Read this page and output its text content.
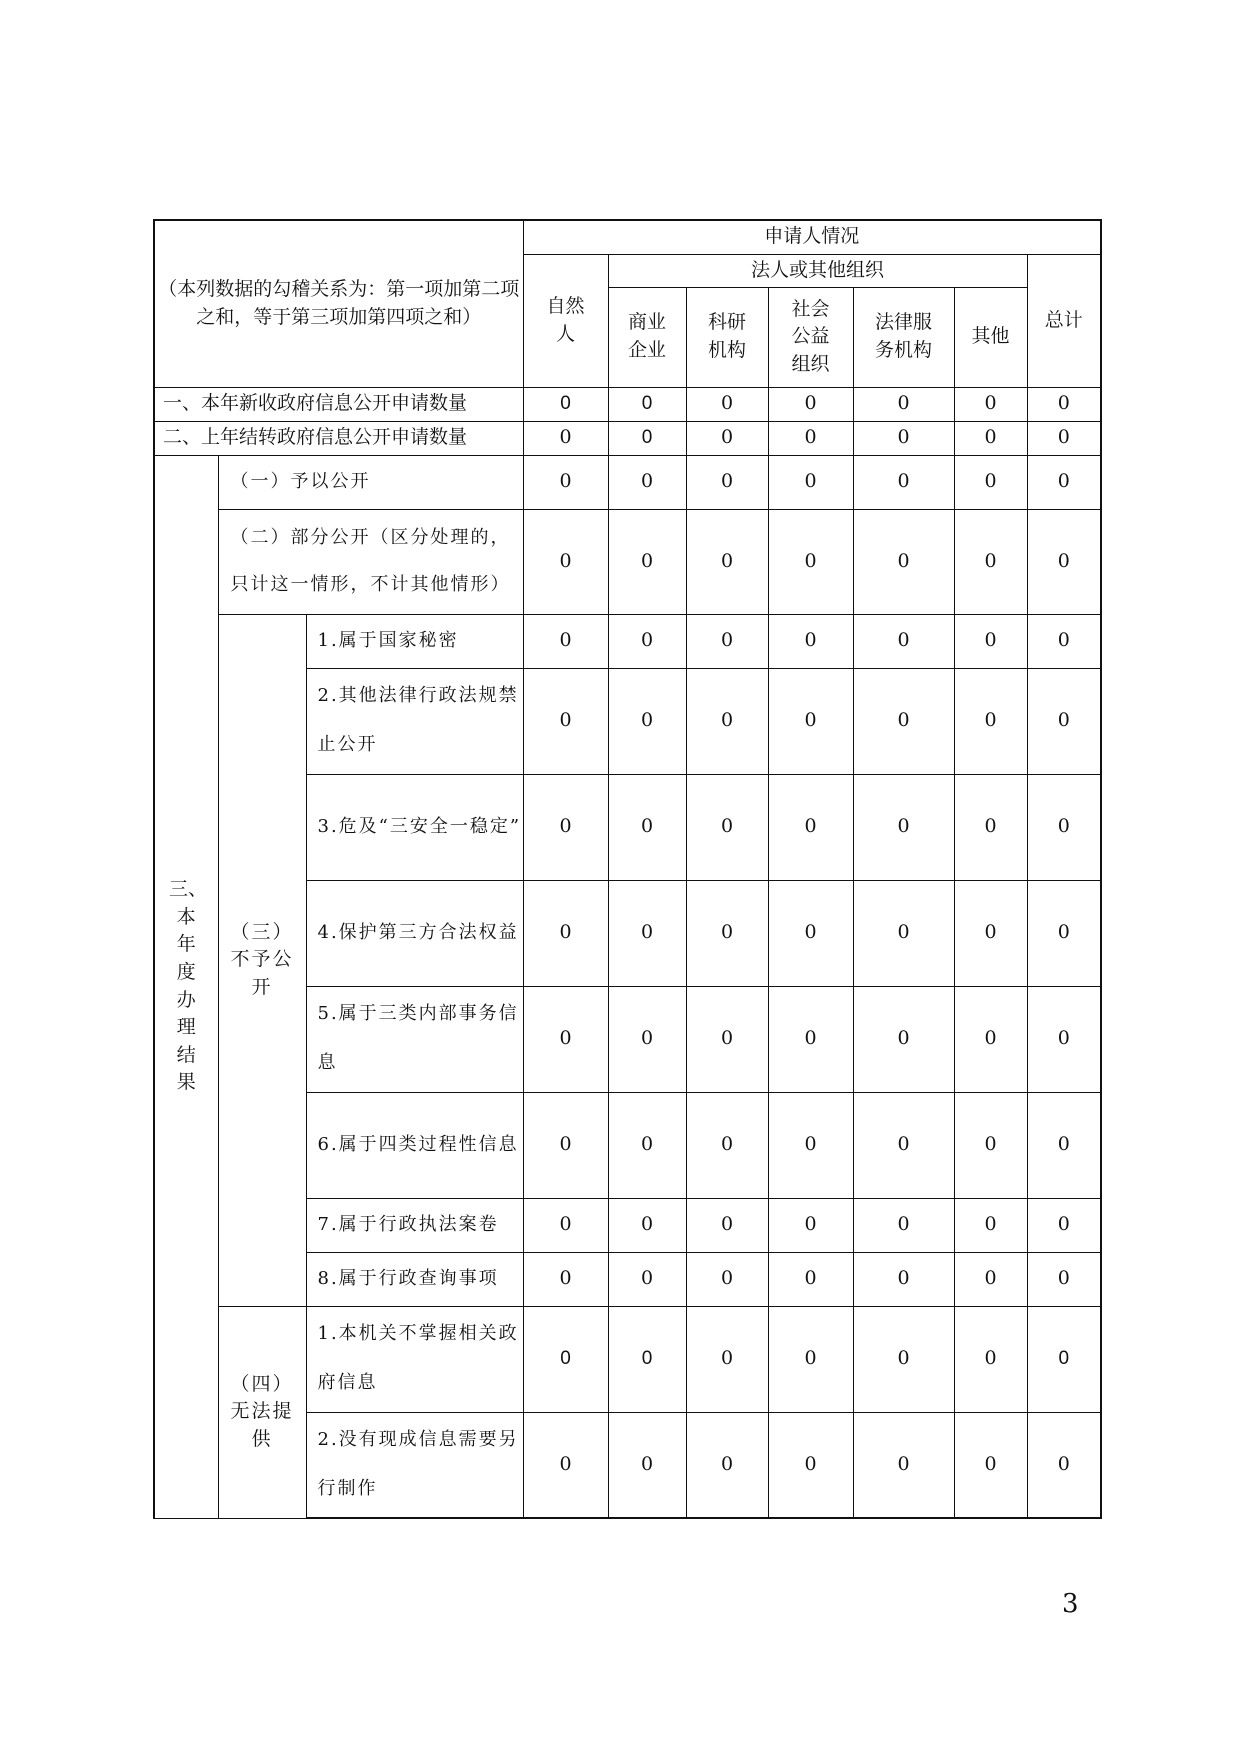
（本列数据的勾稽关系为：第一项加第二项之和，等于第三项加第四项之和）			申请人情况						
			自然人	法人或其他组织					总计
				商业企业	科研机构	社会公益组织	法律服务机构	其他	
一、本年新收政府信息公开申请数量			0	0	0	0	0	0	0
二、上年结转政府信息公开申请数量			0	0	0	0	0	0	0
三、本年度办理结果	（一）予以公开		0	0	0	0	0	0	0
	（二）部分公开（区分处理的，只计这一情形，不计其他情形）		0	0	0	0	0	0	0
	（三）不予公开	1.属于国家秘密	0	0	0	0	0	0	0
		2.其他法律行政法规禁止公开	0	0	0	0	0	0	0
		3.危及“三安全一稳定”	0	0	0	0	0	0	0
		4.保护第三方合法权益	0	0	0	0	0	0	0
		5.属于三类内部事务信息	0	0	0	0	0	0	0
		6.属于四类过程性信息	0	0	0	0	0	0	0
		7.属于行政执法案卷	0	0	0	0	0	0	0
		8.属于行政查询事项	0	0	0	0	0	0	0
	（四）无法提供	1.本机关不掌握相关政府信息	0	0	0	0	0	0	0
		2.没有现成信息需要另行制作	0	0	0	0	0	0	0
3
